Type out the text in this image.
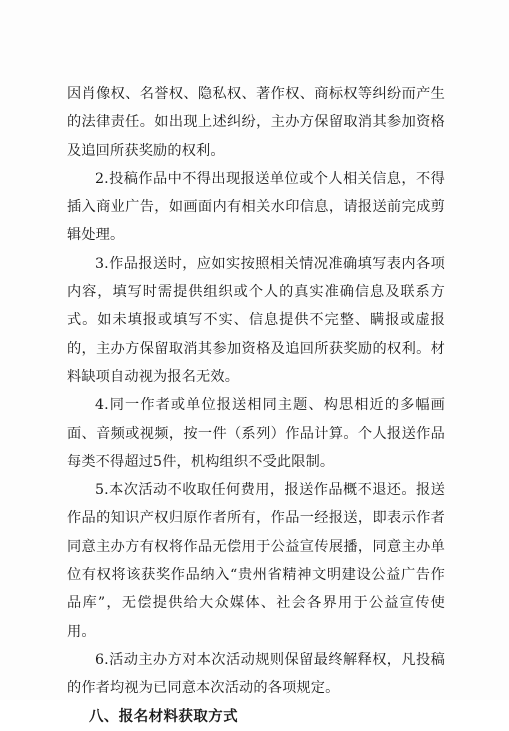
因肖像权、名誉权、隐私权、著作权、商标权等纠纷而产生的法律责任。如出现上述纠纷，主办方保留取消其参加资格及追回所获奖励的权利。

2.投稿作品中不得出现报送单位或个人相关信息，不得插入商业广告，如画面内有相关水印信息，请报送前完成剪辑处理。

3.作品报送时，应如实按照相关情况准确填写表内各项内容，填写时需提供组织或个人的真实准确信息及联系方式。如未填报或填写不实、信息提供不完整、瞒报或虚报的，主办方保留取消其参加资格及追回所获奖励的权利。材料缺项自动视为报名无效。

4.同一作者或单位报送相同主题、构思相近的多幅画面、音频或视频，按一件（系列）作品计算。个人报送作品每类不得超过5件，机构组织不受此限制。

5.本次活动不收取任何费用，报送作品概不退还。报送作品的知识产权归原作者所有，作品一经报送，即表示作者同意主办方有权将作品无偿用于公益宣传展播，同意主办单位有权将该获奖作品纳入“贵州省精神文明建设公益广告作品库”，无偿提供给大众媒体、社会各界用于公益宣传使用。

6.活动主办方对本次活动规则保留最终解释权，凡投稿的作者均视为已同意本次活动的各项规定。

八、报名材料获取方式
